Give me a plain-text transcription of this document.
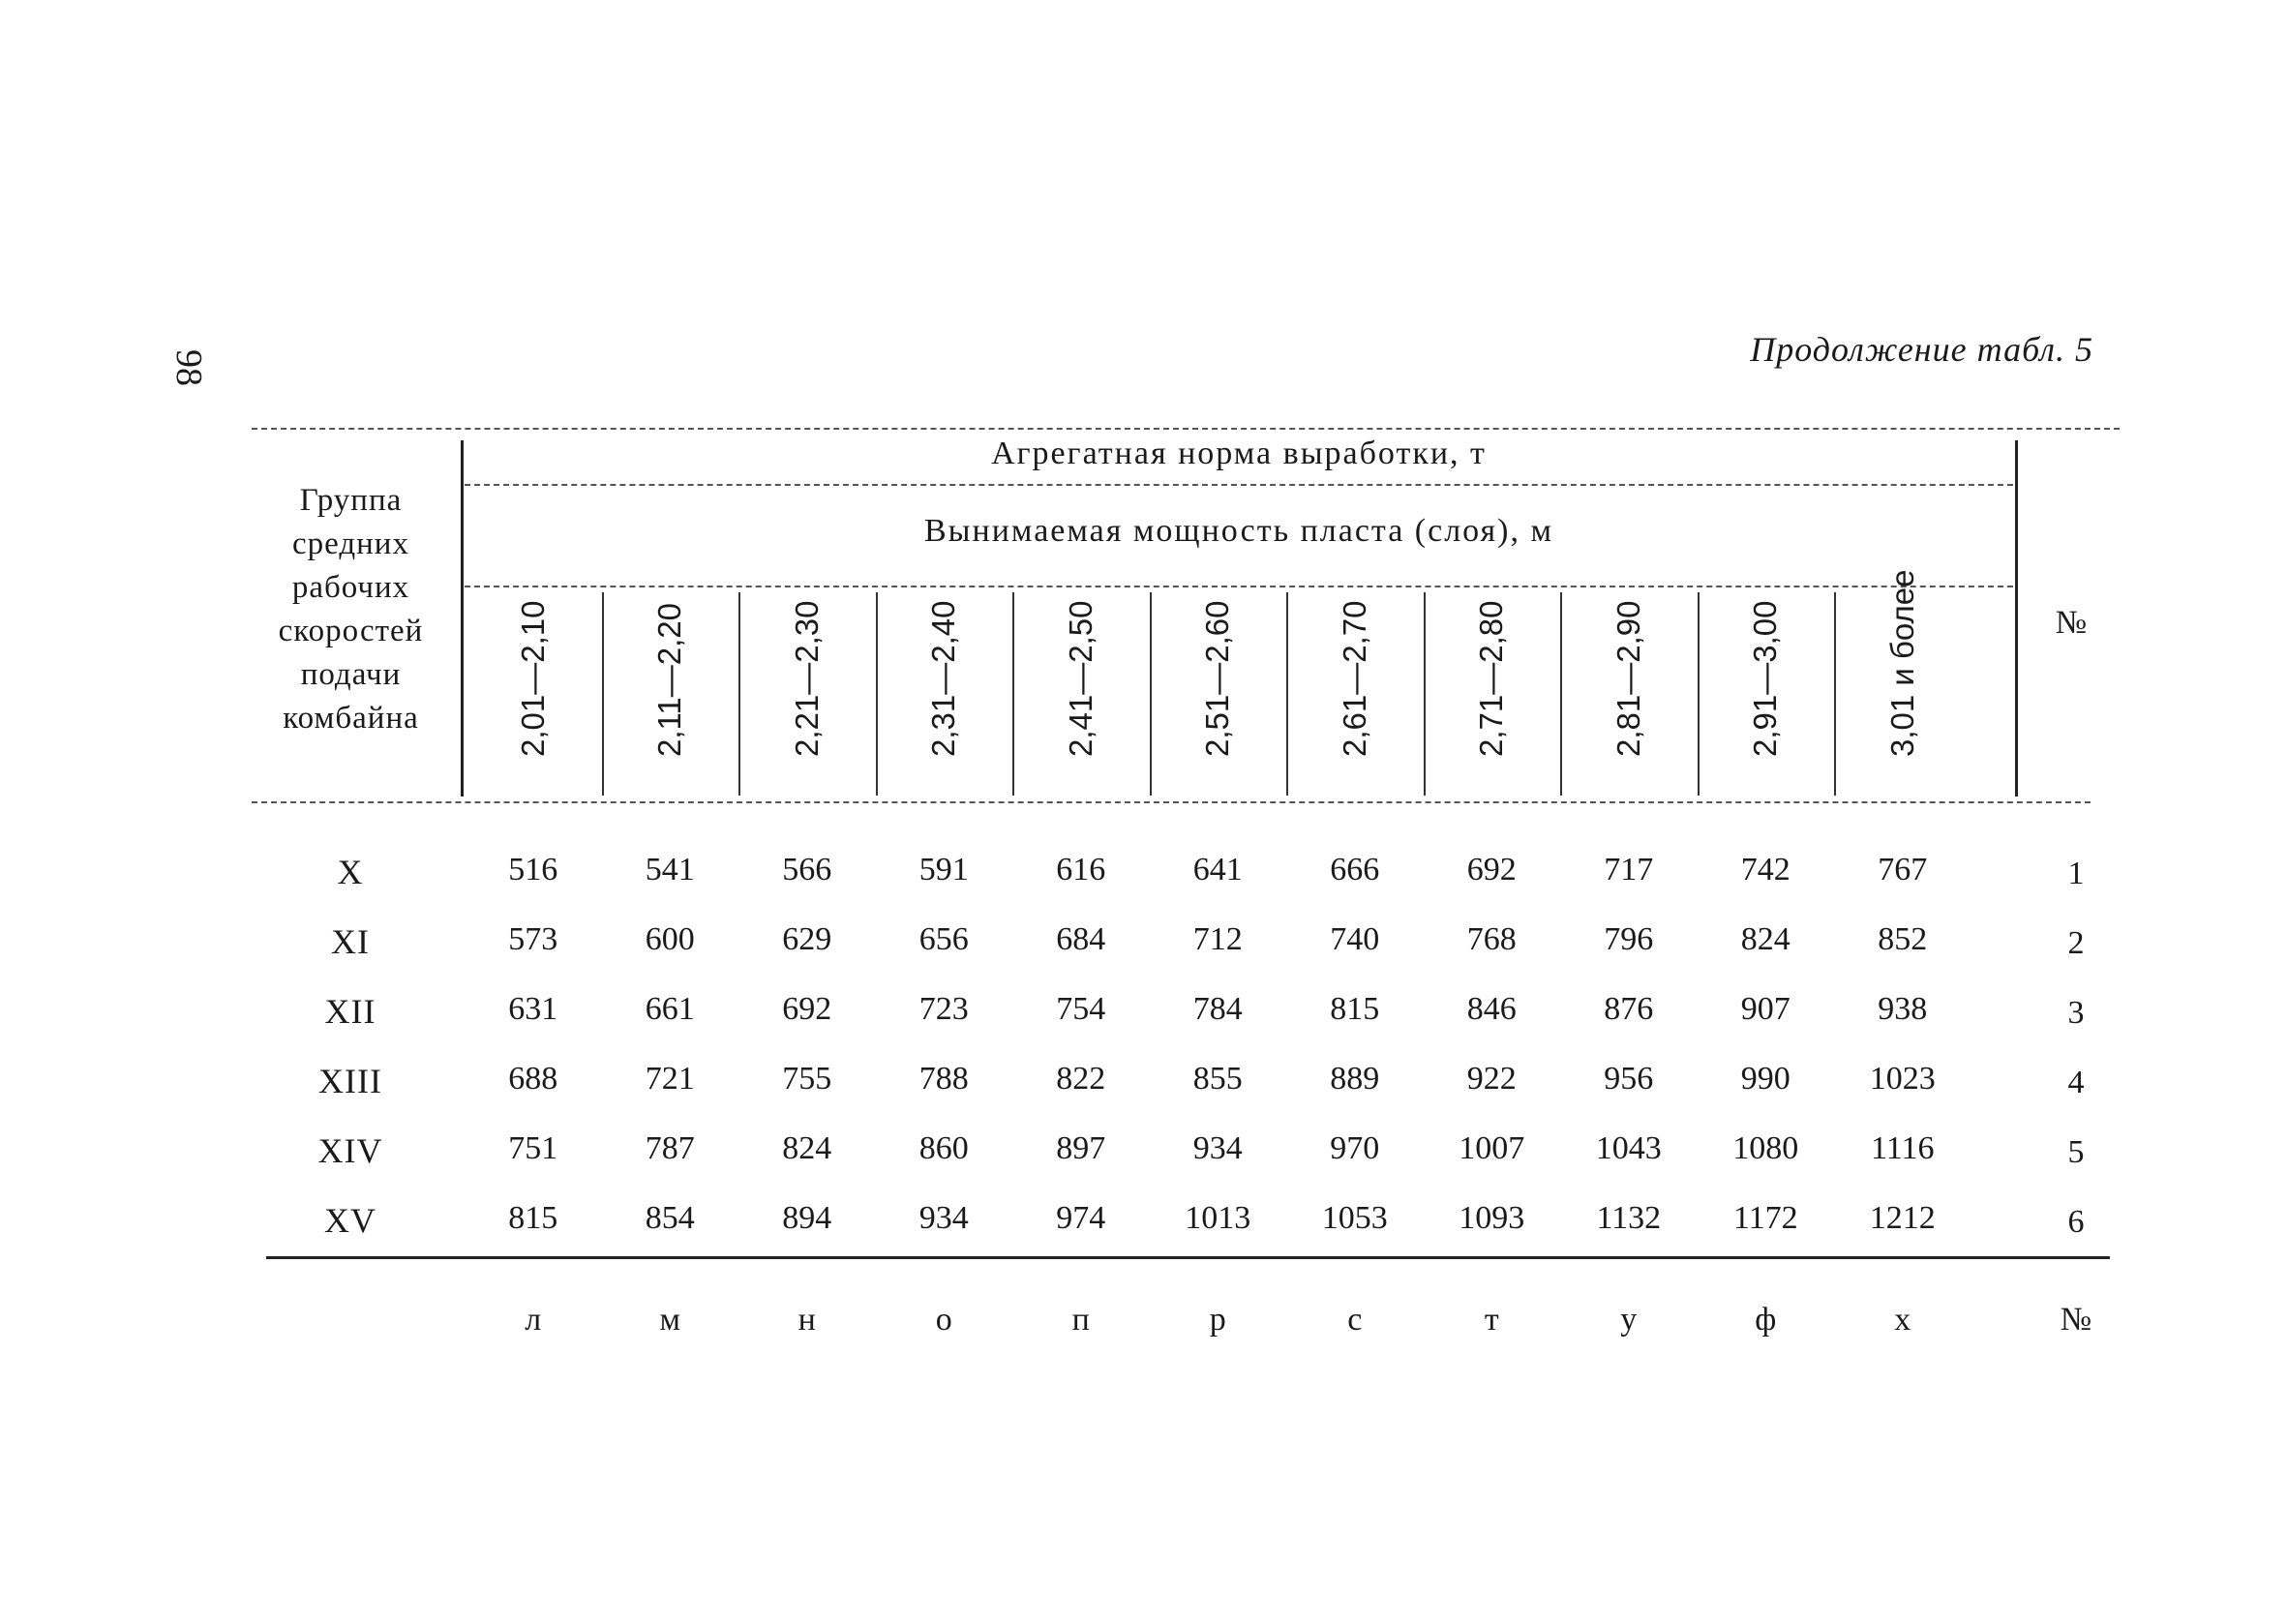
98	Продолжение табл. 5
Агрегатная норма выработки, т
Вынимаемая мощность пласта (слоя), м
Группа
средних
рабочих
скоростей
подачи
комбайна
№
2,01—2,10	2,11—2,20	2,21—2,30	2,31—2,40	2,41—2,50	2,51—2,60	2,61—2,70	2,71—2,80	2,81—2,90	2,91—3,00	3,01 и более
X	516	541	566	591	616	641	666	692	717	742	767	1
XI	573	600	629	656	684	712	740	768	796	824	852	2
XII	631	661	692	723	754	784	815	846	876	907	938	3
XIII	688	721	755	788	822	855	889	922	956	990	1023	4
XIV	751	787	824	860	897	934	970	1007	1043	1080	1116	5
XV	815	854	894	934	974	1013	1053	1093	1132	1172	1212	6
л	м	н	о	п	р	с	т	у	ф	х	№
